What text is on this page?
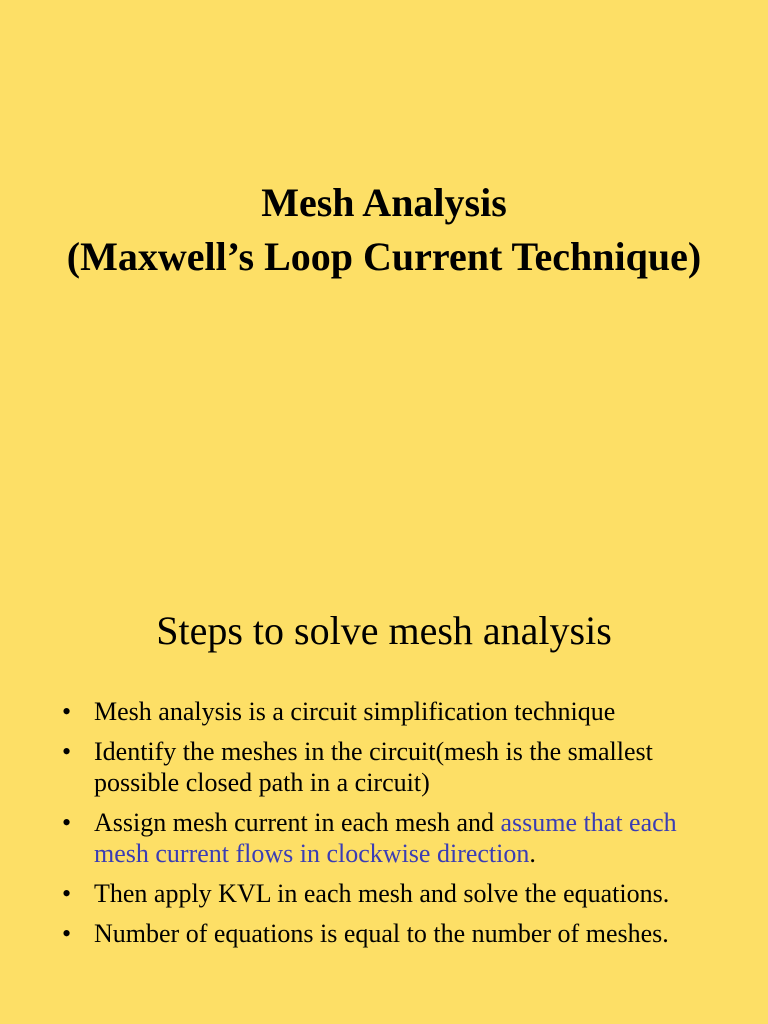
Mesh Analysis
(Maxwell’s Loop Current Technique)
Steps to solve mesh analysis
• Mesh analysis is a circuit simplification technique
• Identify the meshes in the circuit(mesh is the smallest possible closed path in a circuit)
• Assign mesh current in each mesh and assume that each mesh current flows in clockwise direction.
• Then apply KVL in each mesh and solve the equations.
• Number of equations is equal to the number of meshes.
